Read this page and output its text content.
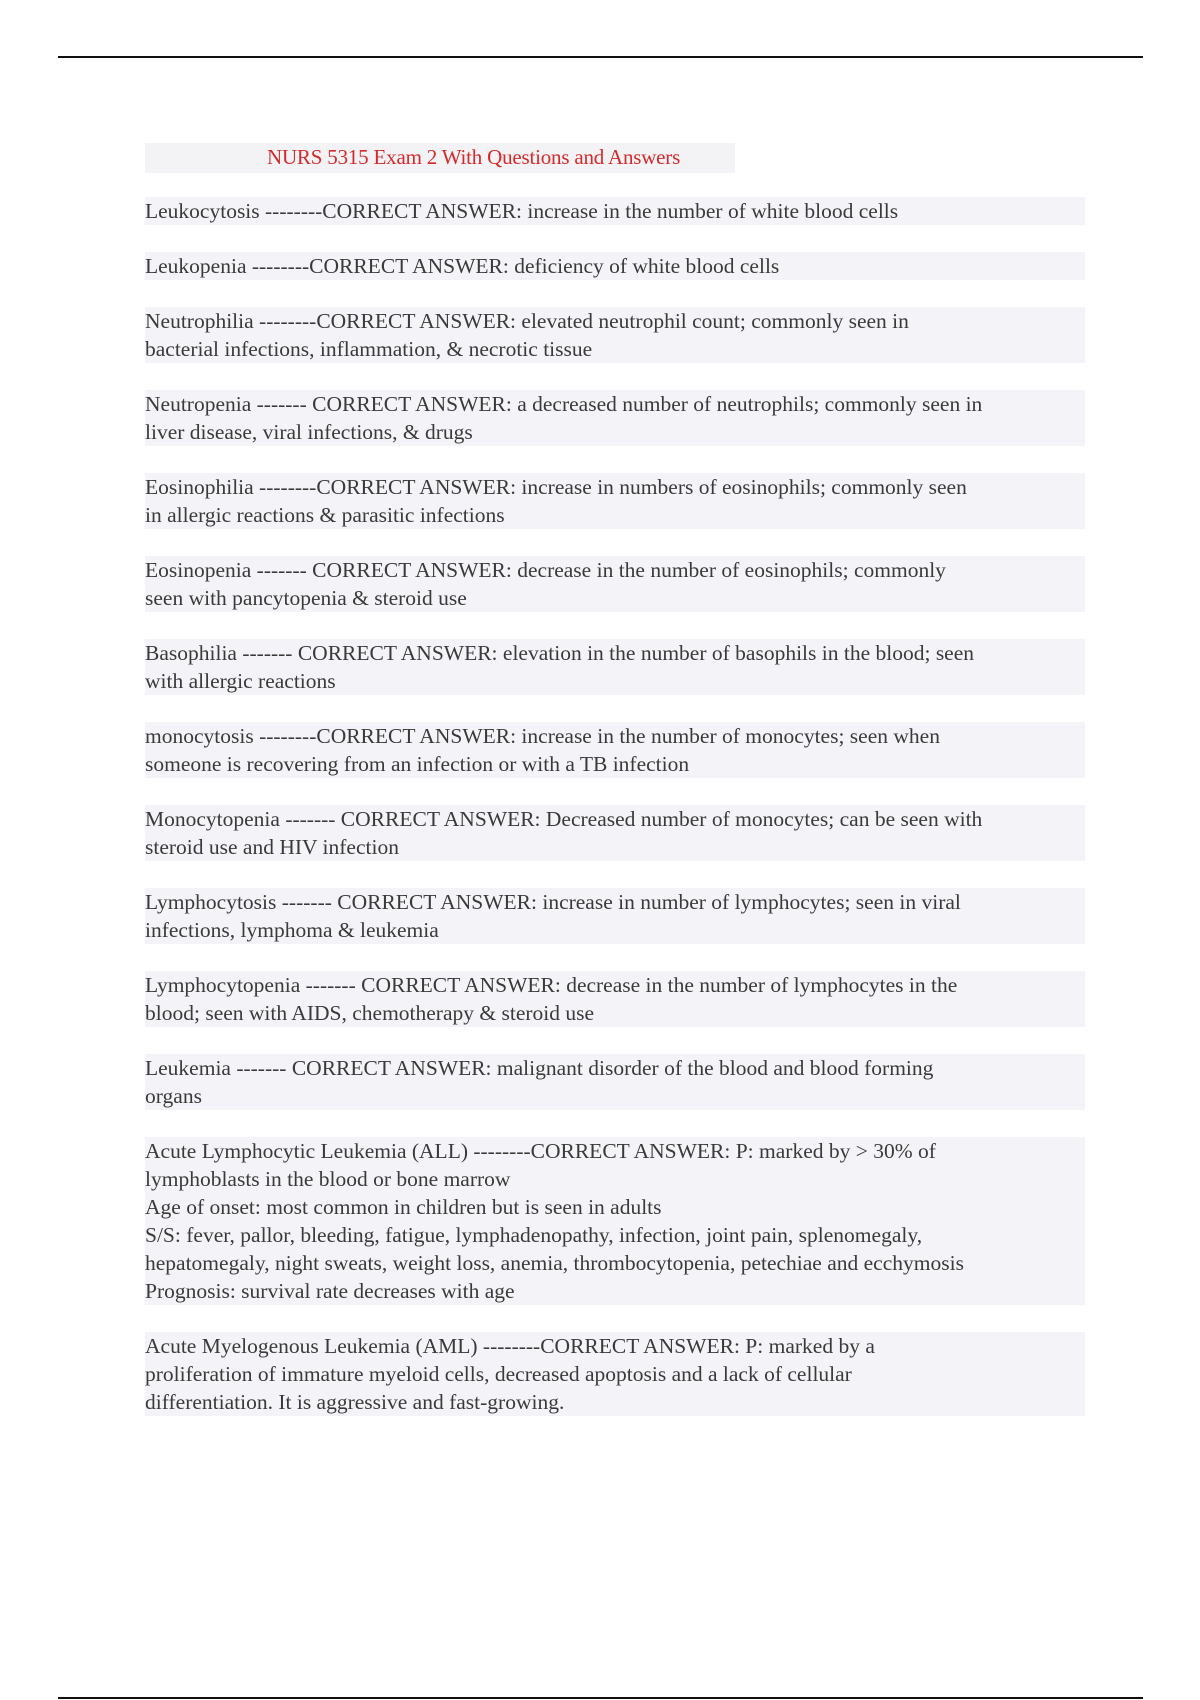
NURS 5315 Exam 2 With Questions and Answers
Leukocytosis --------CORRECT ANSWER: increase in the number of white blood cells
Leukopenia --------CORRECT ANSWER: deficiency of white blood cells
Neutrophilia --------CORRECT ANSWER: elevated neutrophil count; commonly seen in
bacterial infections, inflammation, & necrotic tissue
Neutropenia ------- CORRECT ANSWER: a decreased number of neutrophils; commonly seen in
liver disease, viral infections, & drugs
Eosinophilia --------CORRECT ANSWER: increase in numbers of eosinophils; commonly seen
in allergic reactions & parasitic infections
Eosinopenia ------- CORRECT ANSWER: decrease in the number of eosinophils; commonly
seen with pancytopenia & steroid use
Basophilia ------- CORRECT ANSWER: elevation in the number of basophils in the blood; seen
with allergic reactions
monocytosis --------CORRECT ANSWER: increase in the number of monocytes; seen when
someone is recovering from an infection or with a TB infection
Monocytopenia ------- CORRECT ANSWER: Decreased number of monocytes; can be seen with
steroid use and HIV infection
Lymphocytosis ------- CORRECT ANSWER: increase in number of lymphocytes; seen in viral
infections, lymphoma & leukemia
Lymphocytopenia ------- CORRECT ANSWER: decrease in the number of lymphocytes in the
blood; seen with AIDS, chemotherapy & steroid use
Leukemia ------- CORRECT ANSWER: malignant disorder of the blood and blood forming
organs
Acute Lymphocytic Leukemia (ALL) --------CORRECT ANSWER: P: marked by > 30% of
lymphoblasts in the blood or bone marrow
Age of onset: most common in children but is seen in adults
S/S: fever, pallor, bleeding, fatigue, lymphadenopathy, infection, joint pain, splenomegaly,
hepatomegaly, night sweats, weight loss, anemia, thrombocytopenia, petechiae and ecchymosis
Prognosis: survival rate decreases with age
Acute Myelogenous Leukemia (AML) --------CORRECT ANSWER: P: marked by a
proliferation of immature myeloid cells, decreased apoptosis and a lack of cellular
differentiation. It is aggressive and fast-growing.
